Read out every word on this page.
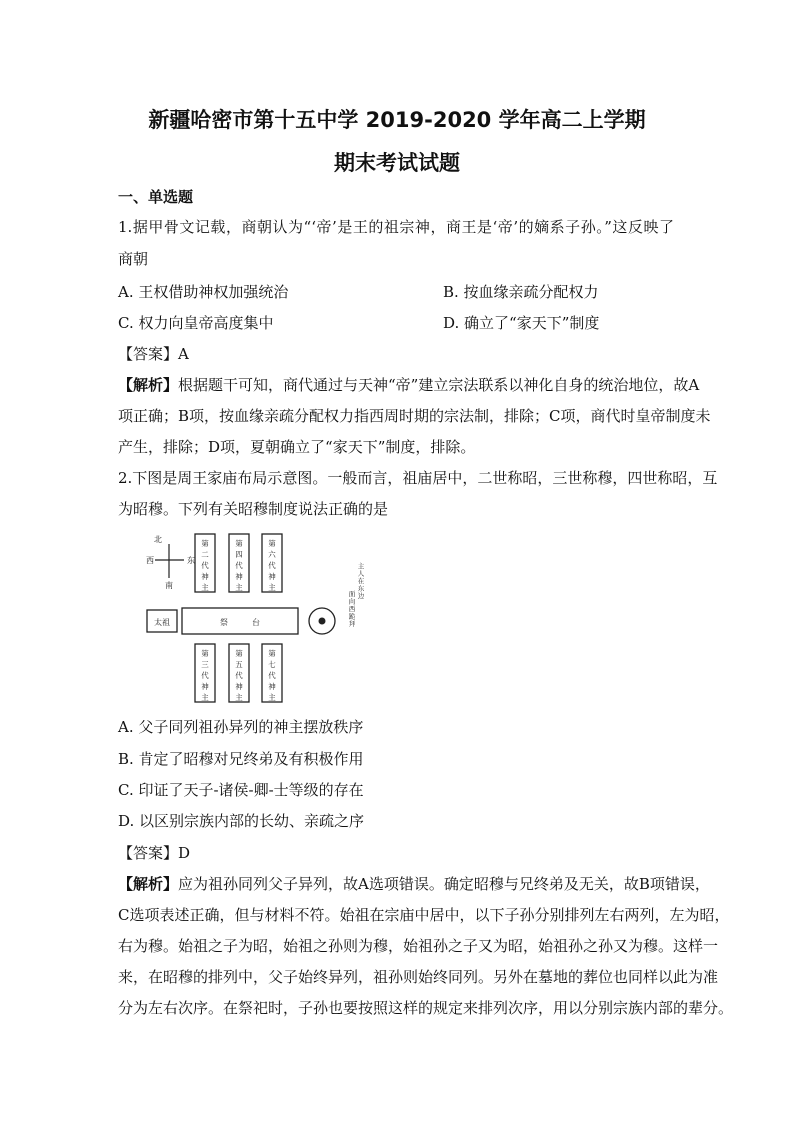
新疆哈密市第十五中学 2019-2020 学年高二上学期
期末考试试题
一、单选题
1.据甲骨文记载，商朝认为“‘帝’是王的祖宗神，商王是‘帝’的嫡系子孙。”这反映了
商朝
A. 王权借助神权加强统治	B. 按血缘亲疏分配权力
C. 权力向皇帝高度集中	D. 确立了“家天下”制度
【答案】A
【解析】根据题干可知，商代通过与天神“帝”建立宗法联系以神化自身的统治地位，故A
项正确；B项，按血缘亲疏分配权力指西周时期的宗法制，排除；C项，商代时皇帝制度未
产生，排除；D项，夏朝确立了“家天下”制度，排除。
2.下图是周王家庙布局示意图。一般而言，祖庙居中，二世称昭，三世称穆，四世称昭，互
为昭穆。下列有关昭穆制度说法正确的是
北
南
西	东
第二代神主
第四代神主
第六代神主
太祖	祭　　　台
主人在东边
面向西跪拜
第三代神主
第五代神主
第七代神主
A. 父子同列祖孙异列的神主摆放秩序
B. 肯定了昭穆对兄终弟及有积极作用
C. 印证了天子-诸侯-卿-士等级的存在
D. 以区别宗族内部的长幼、亲疏之序
【答案】D
【解析】应为祖孙同列父子异列，故A选项错误。确定昭穆与兄终弟及无关，故B项错误，
C选项表述正确，但与材料不符。始祖在宗庙中居中，以下子孙分别排列左右两列，左为昭，
右为穆。始祖之子为昭，始祖之孙则为穆，始祖孙之子又为昭，始祖孙之孙又为穆。这样一
来，在昭穆的排列中，父子始终异列，祖孙则始终同列。另外在墓地的葬位也同样以此为准
分为左右次序。在祭祀时，子孙也要按照这样的规定来排列次序，用以分别宗族内部的辈分。
